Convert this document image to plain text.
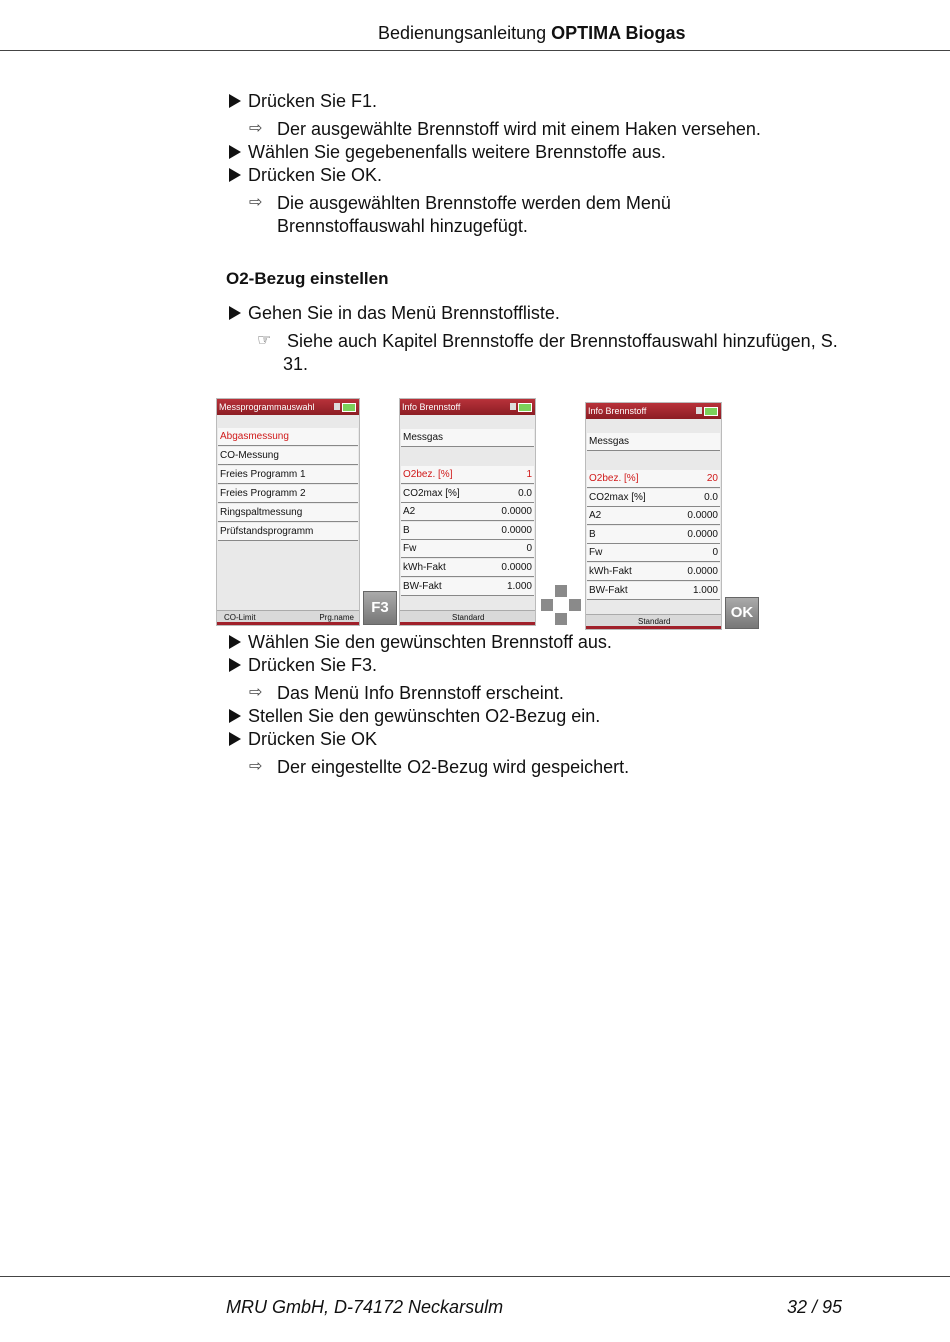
Bedienungsanleitung OPTIMA Biogas
Drücken Sie F1.
⇨ Der ausgewählte Brennstoff wird mit einem Haken versehen.
Wählen Sie gegebenenfalls weitere Brennstoffe aus.
Drücken Sie OK.
⇨ Die ausgewählten Brennstoffe werden dem Menü
Brennstoffauswahl hinzugefügt.
O2-Bezug einstellen
Gehen Sie in das Menü Brennstoffliste.
☞ Siehe auch Kapitel Brennstoffe der Brennstoffauswahl hinzufügen, S.
31.
Messprogrammauswahl
Abgasmessung
CO-Messung
Freies Programm 1
Freies Programm 2
Ringspaltmessung
Prüfstandsprogramm
CO-Limit	Prg.name
F3
Info Brennstoff
Messgas
O2bez. [%]	1
CO2max [%]	0.0
A2	0.0000
B	0.0000
Fw	0
kWh-Fakt	0.0000
BW-Fakt	1.000
Standard
Info Brennstoff
Messgas
O2bez. [%]	20
CO2max [%]	0.0
A2	0.0000
B	0.0000
Fw	0
kWh-Fakt	0.0000
BW-Fakt	1.000
Standard
OK
Wählen Sie den gewünschten Brennstoff aus.
Drücken Sie F3.
⇨ Das Menü Info Brennstoff erscheint.
Stellen Sie den gewünschten O2-Bezug ein.
Drücken Sie OK
⇨ Der eingestellte O2-Bezug wird gespeichert.
MRU GmbH, D-74172 Neckarsulm	32 / 95
